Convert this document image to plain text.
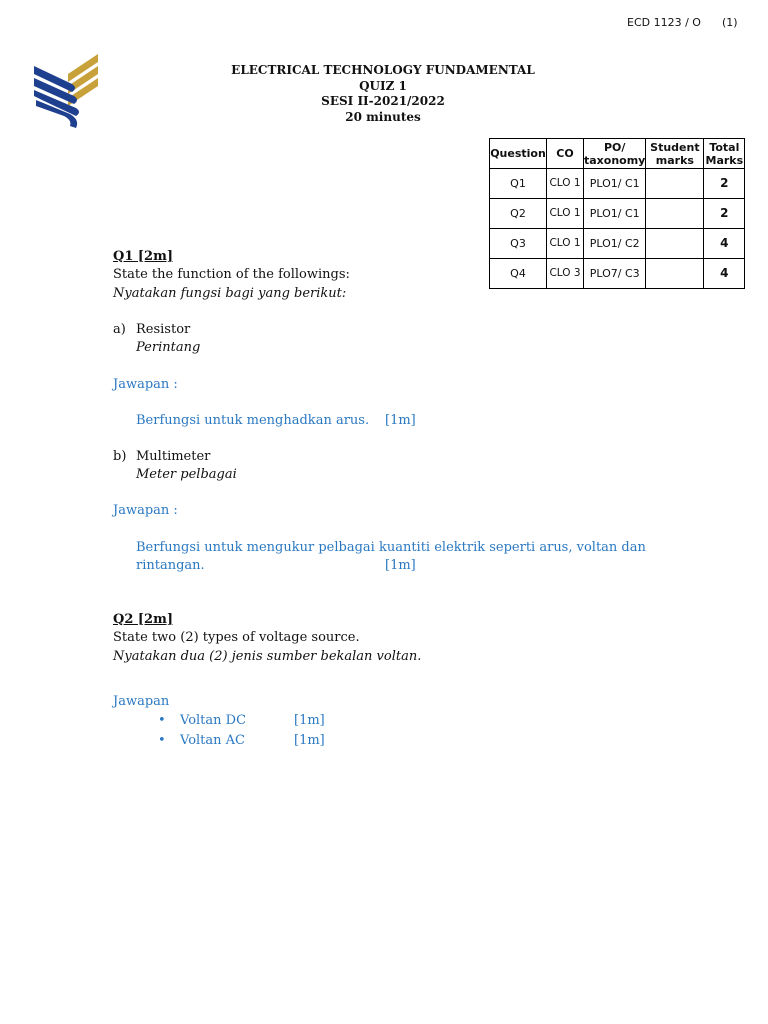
ECD 1123 / O (1)
ELECTRICAL TECHNOLOGY FUNDAMENTAL
QUIZ 1
SESI II-2021/2022
20 minutes
Question	CO	PO/ taxonomy	Student marks	Total Marks
Q1	CLO 1	PLO1/ C1		2
Q2	CLO 1	PLO1/ C1		2
Q3	CLO 1	PLO1/ C2		4
Q4	CLO 3	PLO7/ C3		4
Q1 [2m]
State the function of the followings:
Nyatakan fungsi bagi yang berikut:
a) Resistor
Perintang
Jawapan :
Berfungsi untuk menghadkan arus. [1m]
b) Multimeter
Meter pelbagai
Jawapan :
Berfungsi untuk mengukur pelbagai kuantiti elektrik seperti arus, voltan dan
rintangan.	[1m]
Q2 [2m]
State two (2) types of voltage source.
Nyatakan dua (2) jenis sumber bekalan voltan.
Jawapan
• Voltan DC	[1m]
• Voltan AC	[1m]
